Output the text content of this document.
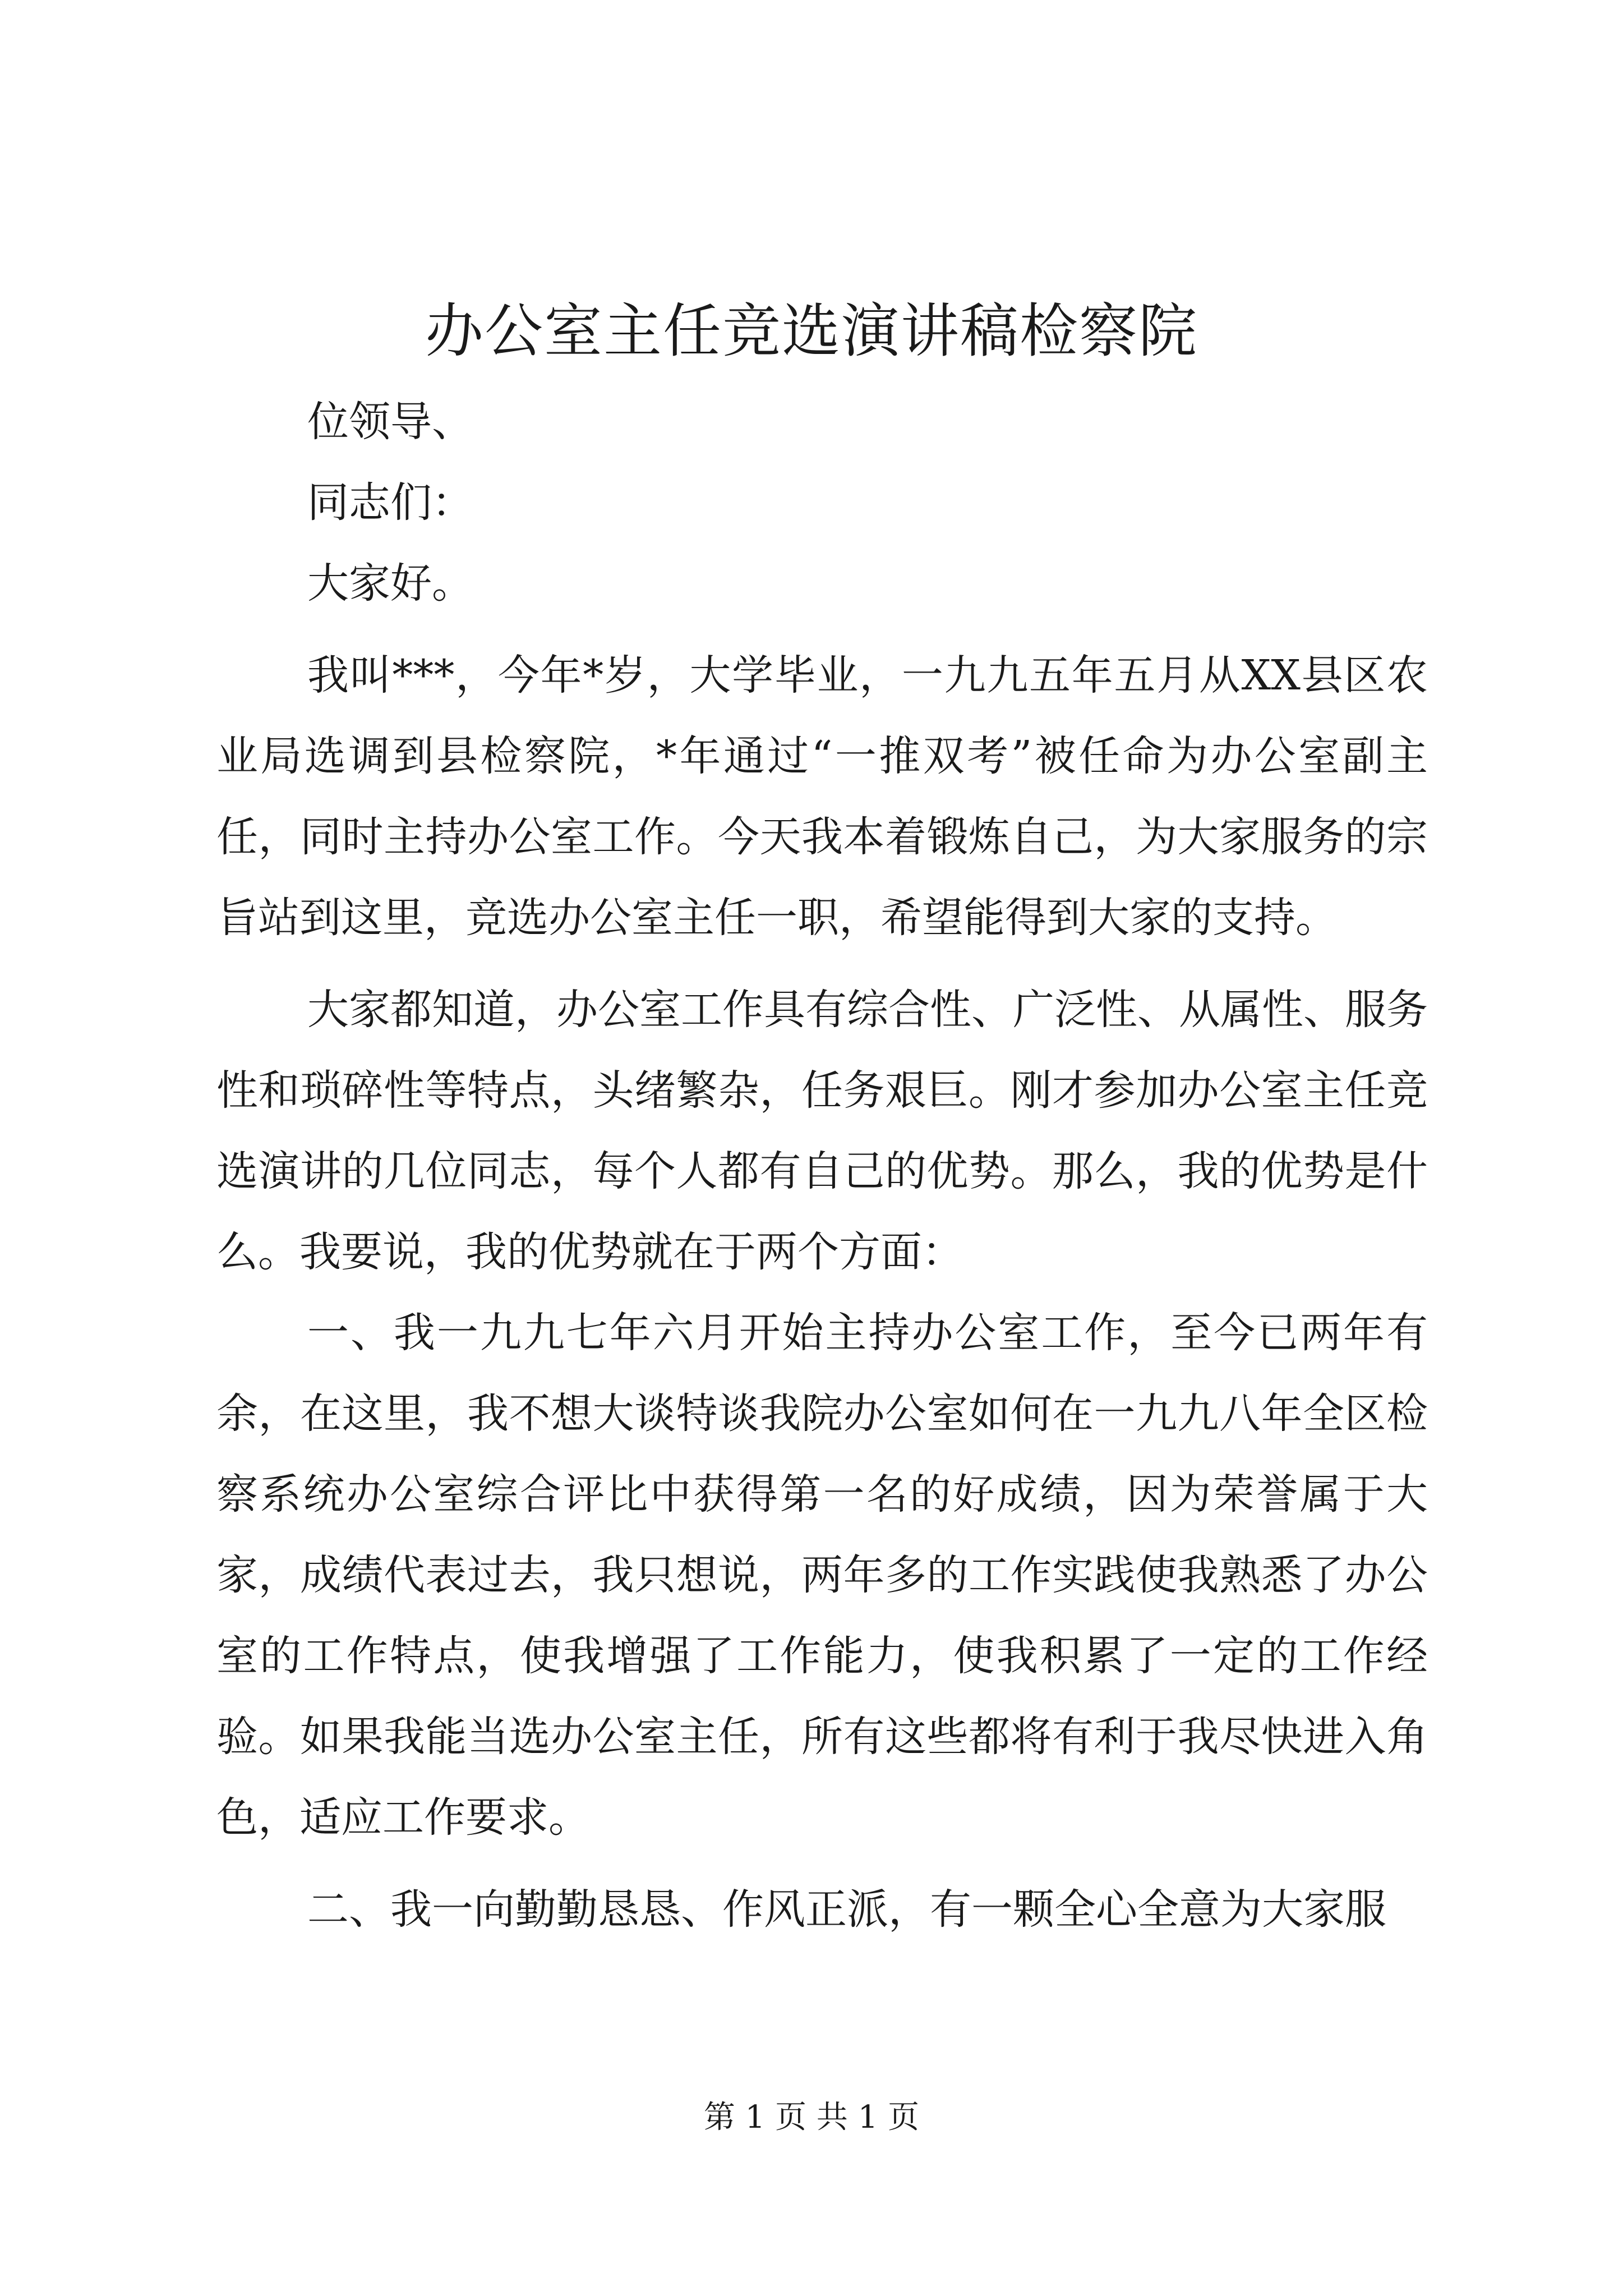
办公室主任竞选演讲稿检察院

位领导、

同志们：

大家好。

我叫***，今年*岁，大学毕业，一九九五年五月从XX县区农业局选调到县检察院，*年通过“一推双考”被任命为办公室副主任，同时主持办公室工作。今天我本着锻炼自己，为大家服务的宗旨站到这里，竞选办公室主任一职，希望能得到大家的支持。

大家都知道，办公室工作具有综合性、广泛性、从属性、服务性和琐碎性等特点，头绪繁杂，任务艰巨。刚才参加办公室主任竞选演讲的几位同志，每个人都有自己的优势。那么，我的优势是什么。我要说，我的优势就在于两个方面：

一、我一九九七年六月开始主持办公室工作，至今已两年有余，在这里，我不想大谈特谈我院办公室如何在一九九八年全区检察系统办公室综合评比中获得第一名的好成绩，因为荣誉属于大家，成绩代表过去，我只想说，两年多的工作实践使我熟悉了办公室的工作特点，使我增强了工作能力，使我积累了一定的工作经验。如果我能当选办公室主任，所有这些都将有利于我尽快进入角色，适应工作要求。

二、我一向勤勤恳恳、作风正派，有一颗全心全意为大家服

第 1 页 共 1 页
